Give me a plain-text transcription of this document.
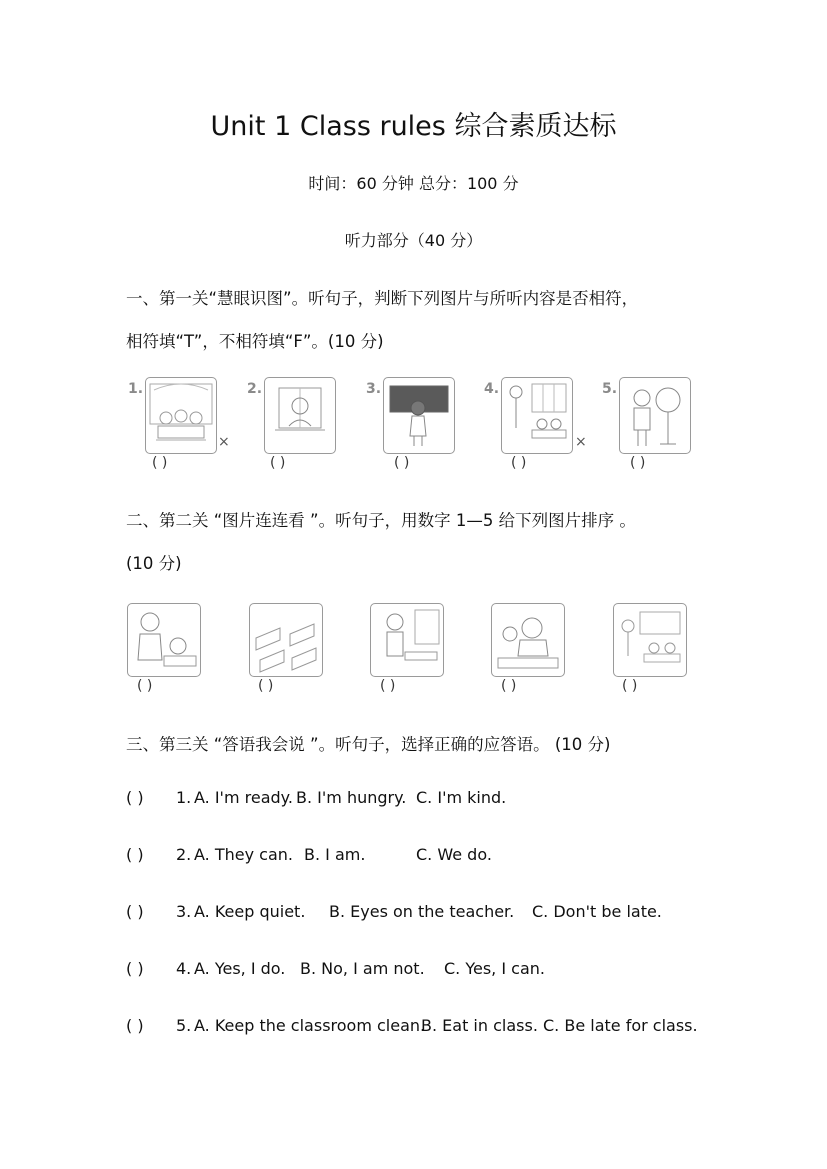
Unit 1 Class rules 综合素质达标
时间：60 分钟 总分：100 分
听力部分（40 分）
一、第一关“慧眼识图”。听句子，判断下列图片与所听内容是否相符，
相符填“T”，不相符填“F”。(10 分)
1.
×
( )
2.
( )
3.
( )
4.
×
( )
5.
( )
二、第二关 “图片连连看 ”。听句子，用数字 1—5 给下列图片排序 。
(10 分)
( )	( )	( )	( )	( )
三、第三关 “答语我会说 ”。听句子，选择正确的应答语。 (10 分)
( ) 1. A. I'm ready. B. I'm hungry. C. I'm kind.
( ) 2. A. They can. B. I am.	C. We do.
( ) 3. A. Keep quiet. B. Eyes on the teacher. C. Don't be late.
( ) 4. A. Yes, I do. B. No, I am not. C. Yes, I can.
( ) 5. A. Keep the classroom clean.
B. Eat in class. C. Be late for class.
